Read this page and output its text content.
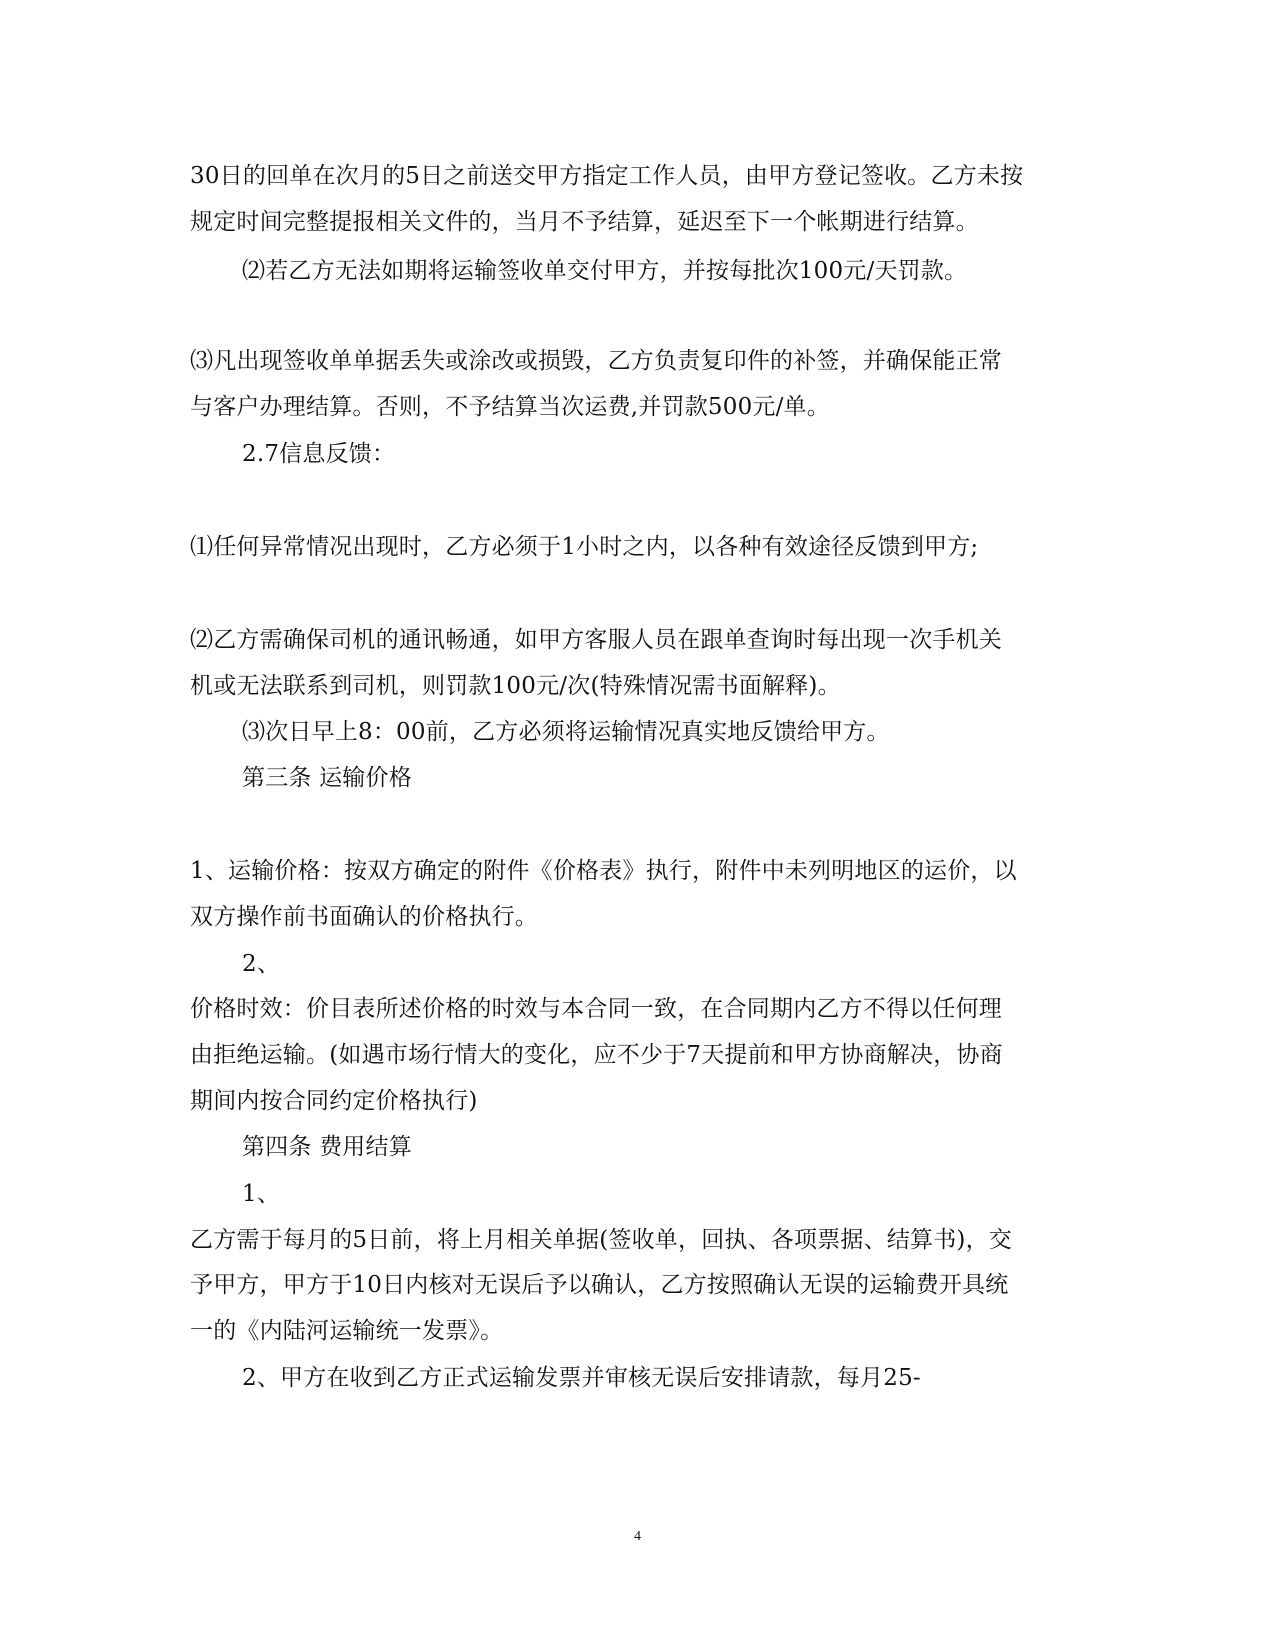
30日的回单在次月的5日之前送交甲方指定工作人员，由甲方登记签收。乙方未按
规定时间完整提报相关文件的，当月不予结算，延迟至下一个帐期进行结算。
⑵若乙方无法如期将运输签收单交付甲方，并按每批次100元/天罚款。
⑶凡出现签收单单据丢失或涂改或损毁，乙方负责复印件的补签，并确保能正常
与客户办理结算。否则，不予结算当次运费,并罚款500元/单。
2.7信息反馈：
⑴任何异常情况出现时，乙方必须于1小时之内，以各种有效途径反馈到甲方;
⑵乙方需确保司机的通讯畅通，如甲方客服人员在跟单查询时每出现一次手机关
机或无法联系到司机，则罚款100元/次(特殊情况需书面解释)。
⑶次日早上8：00前，乙方必须将运输情况真实地反馈给甲方。
第三条 运输价格
1、运输价格：按双方确定的附件《价格表》执行，附件中未列明地区的运价，以
双方操作前书面确认的价格执行。
2、
价格时效：价目表所述价格的时效与本合同一致，在合同期内乙方不得以任何理
由拒绝运输。(如遇市场行情大的变化，应不少于7天提前和甲方协商解决，协商
期间内按合同约定价格执行)
第四条 费用结算
1、
乙方需于每月的5日前，将上月相关单据(签收单，回执、各项票据、结算书)，交
予甲方，甲方于10日内核对无误后予以确认，乙方按照确认无误的运输费开具统
一的《内陆河运输统一发票》。
2、甲方在收到乙方正式运输发票并审核无误后安排请款，每月25-
4
